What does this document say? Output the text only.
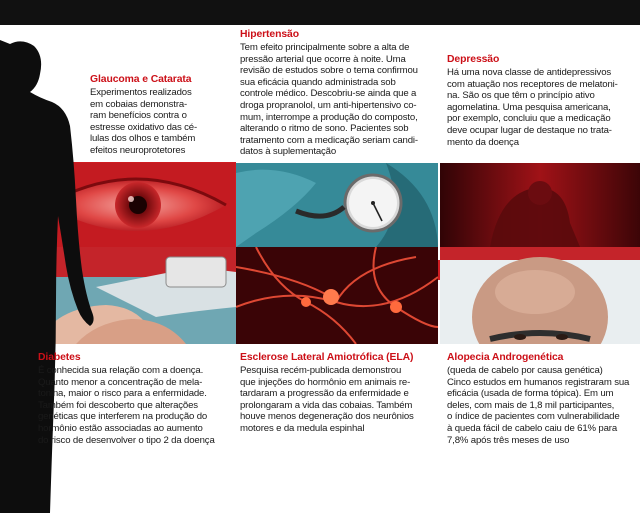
Glaucoma e Catarata
Experimentos realizados
em cobaias demonstra-
ram benefícios contra o
estresse oxidativo das cé-
lulas dos olhos e também
efeitos neuroprotetores
Hipertensão
Tem efeito principalmente sobre a alta de
pressão arterial que ocorre à noite. Uma
revisão de estudos sobre o tema confirmou
sua eficácia quando administrada sob
controle médico. Descobriu-se ainda que a
droga propranolol, um anti-hipertensivo co-
mum, interrompe a produção do composto,
alterando o ritmo de sono. Pacientes sob
tratamento com a medicação seriam candi-
datos à suplementação
Depressão
Há uma nova classe de antidepressivos
com atuação nos receptores de melatoni-
na. São os que têm o princípio ativo
agomelatina. Uma pesquisa americana,
por exemplo, concluiu que a medicação
deve ocupar lugar de destaque no trata-
mento da doença
Diabetes
É conhecida sua relação com a doença.
Quanto menor a concentração de mela-
tonina, maior o risco para a enfermidade.
Também foi descoberto que alterações
genéticas que interferem na produção do
hormônio estão associadas ao aumento
do risco de desenvolver o tipo 2 da doença
Esclerose Lateral Amiotrófica (ELA)
Pesquisa recém-publicada demonstrou
que injeções do hormônio em animais re-
tardaram a progressão da enfermidade e
prolongaram a vida das cobaias. Também
houve menos degeneração dos neurônios
motores e da medula espinhal
Alopecia Androgenética
(queda de cabelo por causa genética)
Cinco estudos em humanos registraram sua
eficácia (usada de forma tópica). Em um
deles, com mais de 1,8 mil participantes,
o índice de pacientes com vulnerabilidade
à queda fácil de cabelo caiu de 61% para
7,8% após três meses de uso
